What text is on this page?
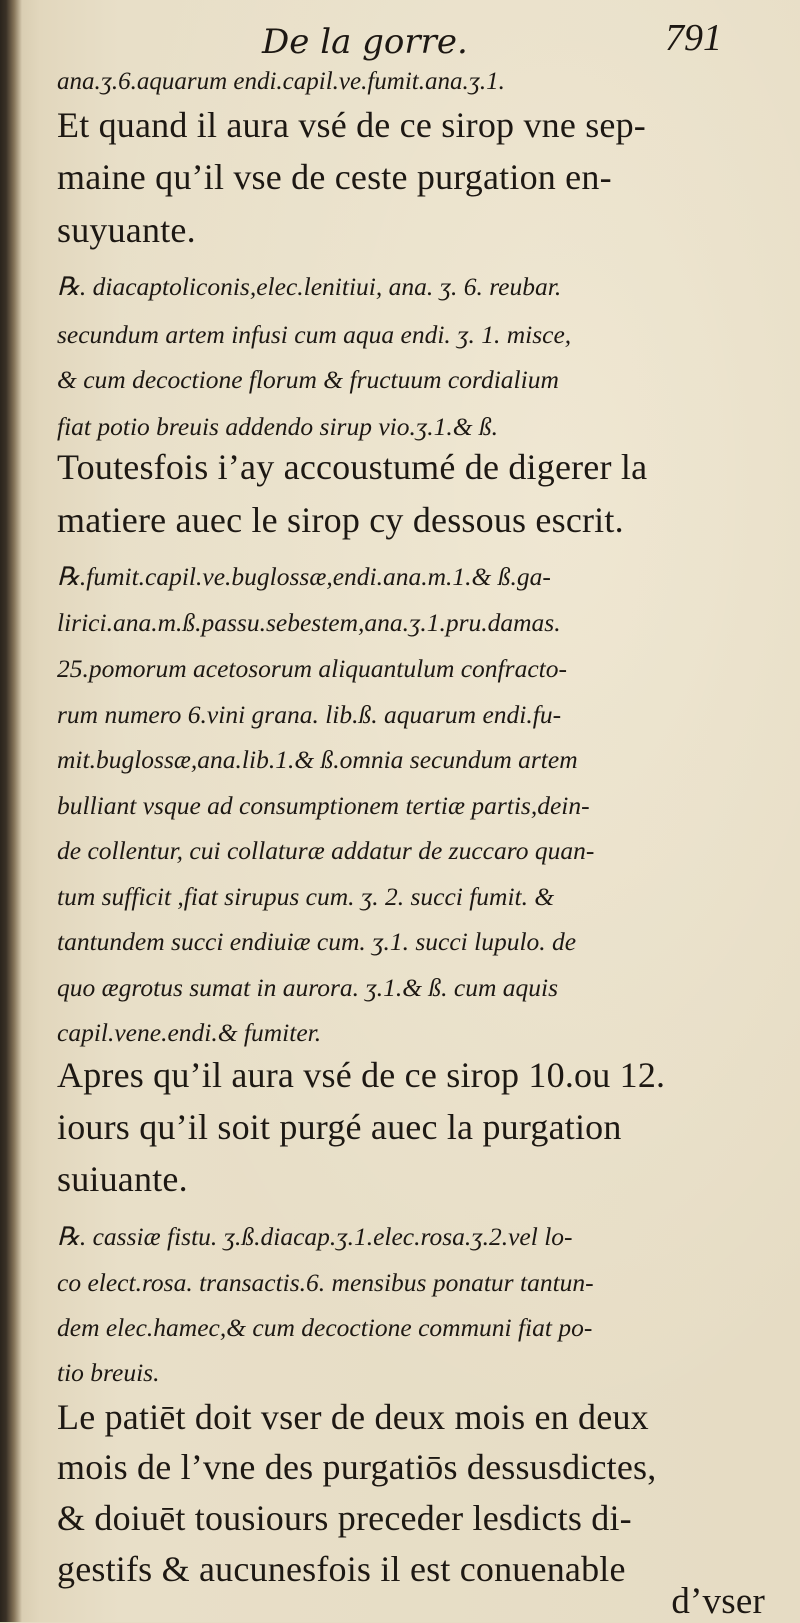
De la gorre.	791
ana.ʒ.6.aquarum endi.capil.ve.fumit.ana.ʒ.1.
Et quand il aura vsé de ce sirop vne sep-
maine qu’il vse de ceste purgation en-
suyuante.
℞. diacaptoliconis,elec.lenitiui, ana. ʒ. 6. reubar.
secundum artem infusi cum aqua endi. ʒ. 1. misce,
& cum decoctione florum & fructuum cordialium
fiat potio breuis addendo sirup vio.ʒ.1.& ß.
Toutesfois i’ay accoustumé de digerer la
matiere auec le sirop cy dessous escrit.
℞.fumit.capil.ve.buglossæ,endi.ana.m.1.& ß.ga-
lirici.ana.m.ß.passu.sebestem,ana.ʒ.1.pru.damas.
25.pomorum acetosorum aliquantulum confracto-
rum numero 6.vini grana. lib.ß. aquarum endi.fu-
mit.buglossæ,ana.lib.1.& ß.omnia secundum artem
bulliant vsque ad consumptionem tertiæ partis,dein-
de collentur, cui collaturæ addatur de zuccaro quan-
tum sufficit ,fiat sirupus cum. ʒ. 2. succi fumit. &
tantundem succi endiuiæ cum. ʒ.1. succi lupulo. de
quo ægrotus sumat in aurora. ʒ.1.& ß. cum aquis
capil.vene.endi.& fumiter.
Apres qu’il aura vsé de ce sirop 10.ou 12.
iours qu’il soit purgé auec la purgation
suiuante.
℞. cassiæ fistu. ʒ.ß.diacap.ʒ.1.elec.rosa.ʒ.2.vel lo-
co elect.rosa. transactis.6. mensibus ponatur tantun-
dem elec.hamec,& cum decoctione communi fiat po-
tio breuis.
Le patiēt doit vser de deux mois en deux
mois de l’vne des purgatiōs dessusdictes,
& doiuēt tousiours preceder lesdicts di-
gestifs & aucunesfois il est conuenable
d’vser
